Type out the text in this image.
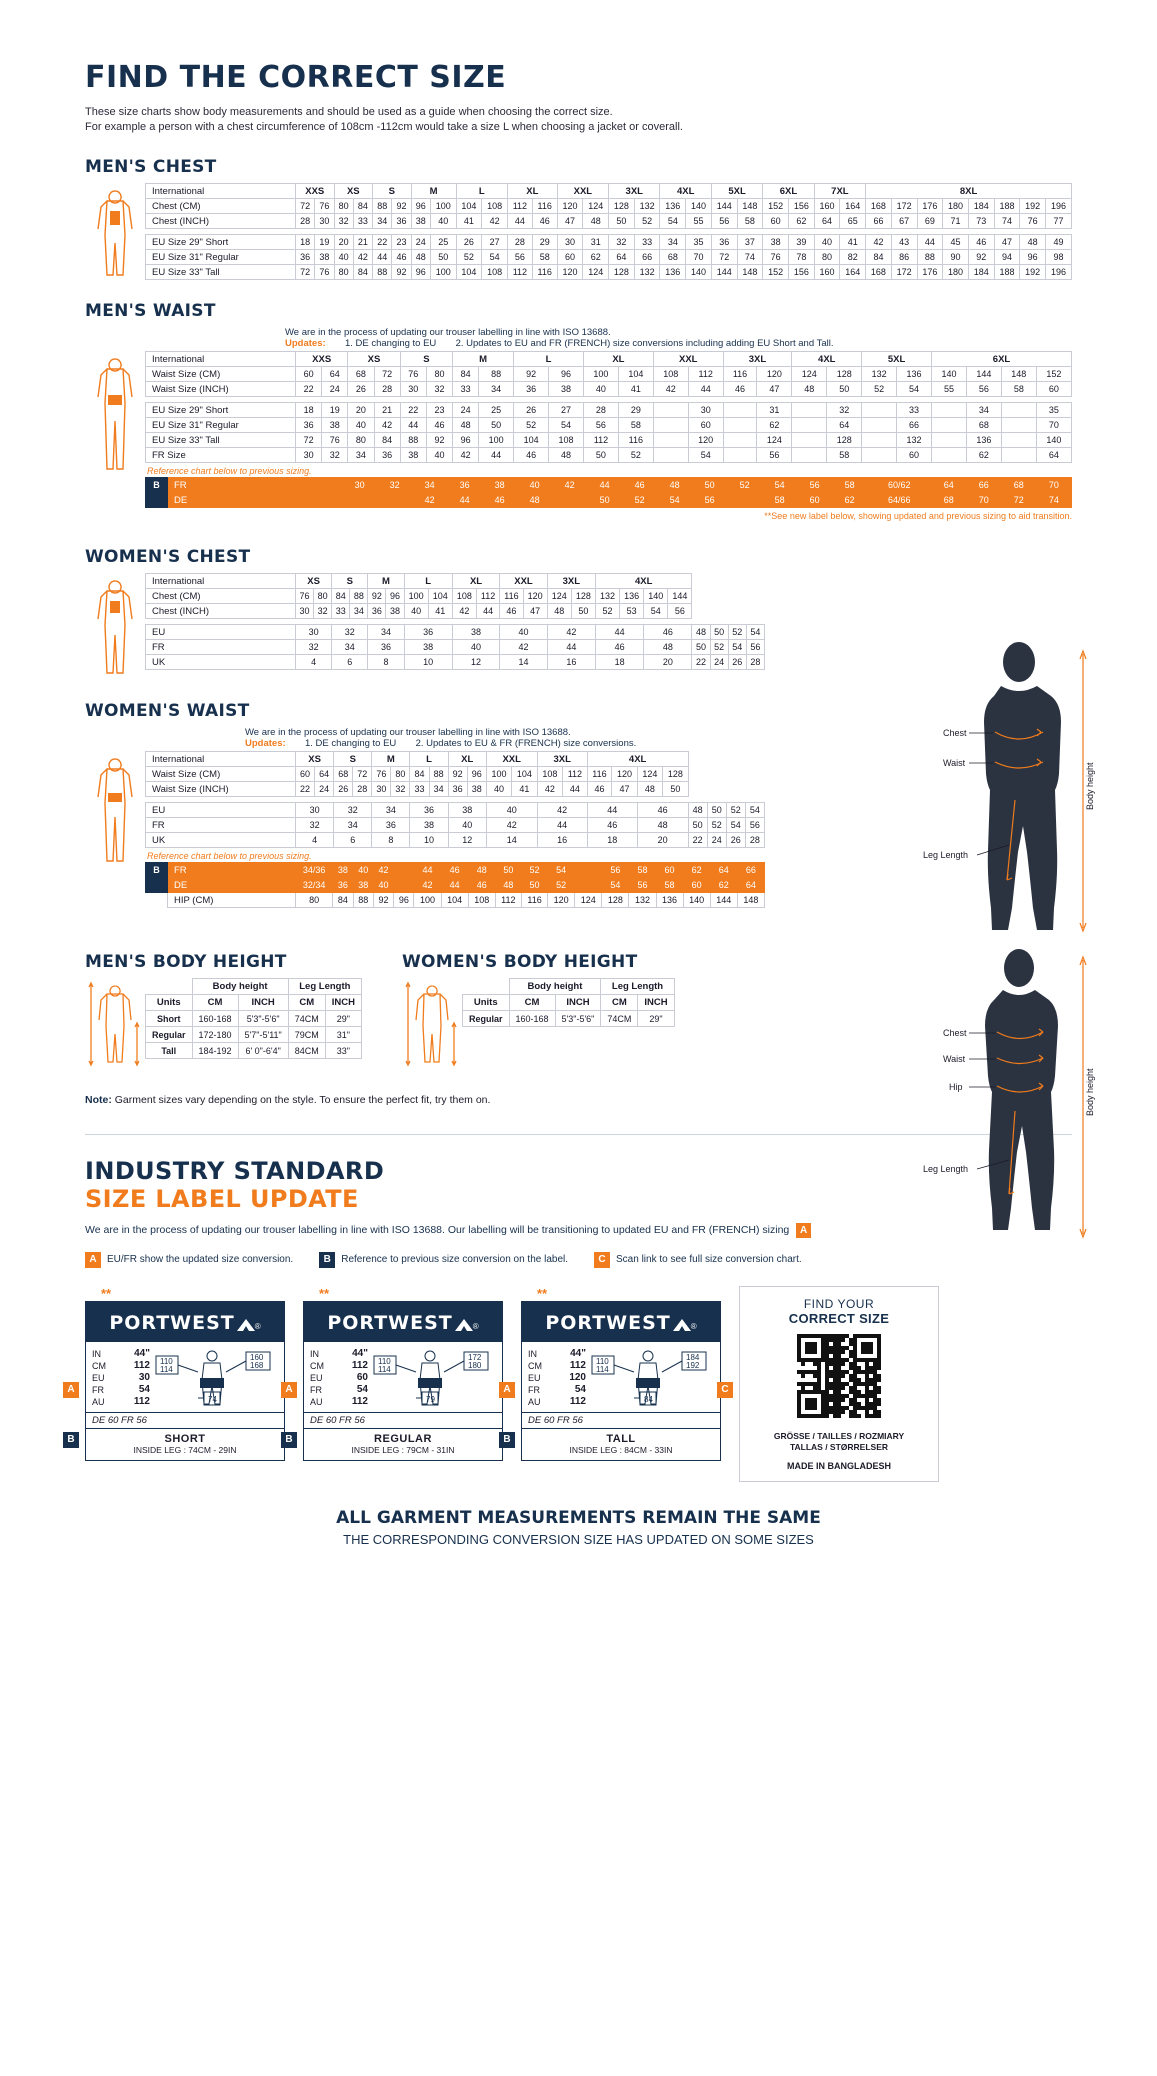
FIND THE CORRECT SIZE
These size charts show body measurements and should be used as a guide when choosing the correct size.
For example a person with a chest circumference of 108cm -112cm would take a size L when choosing a jacket or coverall.
MEN'S CHEST
International	XXS		XS		S		M		L		XL		XXL		3XL		4XL		5XL		6XL		7XL		8XL							
Chest (CM)	72	76	80	84	88	92	96	100	104	108	112	116	120	124	128	132	136	140	144	148	152	156	160	164	168	172	176	180	184	188	192	196
Chest (INCH)	28	30	32	33	34	36	38	40	41	42	44	46	47	48	50	52	54	55	56	58	60	62	64	65	66	67	69	71	73	74	76	77

EU Size 29" Short	18	19	20	21	22	23	24	25	26	27	28	29	30	31	32	33	34	35	36	37	38	39	40	41	42	43	44	45	46	47	48	49
EU Size 31" Regular	36	38	40	42	44	46	48	50	52	54	56	58	60	62	64	66	68	70	72	74	76	78	80	82	84	86	88	90	92	94	96	98
EU Size 33" Tall	72	76	80	84	88	92	96	100	104	108	112	116	120	124	128	132	136	140	144	148	152	156	160	164	168	172	176	180	184	188	192	196
MEN'S WAIST
We are in the process of updating our trouser labelling in line with ISO 13688.
Updates: 1. DE changing to EU 2. Updates to EU and FR (FRENCH) size conversions including adding EU Short and Tall.
International	XXS		XS		S		M		L		XL		XXL		3XL		4XL		5XL		6XL			
Waist Size (CM)	60	64	68	72	76	80	84	88	92	96	100	104	108	112	116	120	124	128	132	136	140	144	148	152
Waist Size (INCH)	22	24	26	28	30	32	33	34	36	38	40	41	42	44	46	47	48	50	52	54	55	56	58	60

EU Size 29" Short	18	19	20	21	22	23	24	25	26	27	28	29		30		31		32		33		34		35
EU Size 31" Regular	36	38	40	42	44	46	48	50	52	54	56	58		60		62		64		66		68		70
EU Size 33" Tall	72	76	80	84	88	92	96	100	104	108	112	116		120		124		128		132		136		140
FR Size	30	32	34	36	38	40	42	44	46	48	50	52		54		56		58		60		62		64
Reference chart below to previous sizing.
B	FR					30	32	34	36	38	40	42	44	46	48	50	52	54	56	58	60/62	64	66	68	70
	DE							42	44	46	48		50	52	54	56		58	60	62	64/66	68	70	72	74
**See new label below, showing updated and previous sizing to aid transition.
WOMEN'S CHEST
International	XS		S		M		L		XL		XXL		3XL		4XL							
Chest (CM)	76	80	84	88	92	96	100	104	108	112	116	120	124	128	132	136	140	144				
Chest (INCH)	30	32	33	34	36	38	40	41	42	44	46	47	48	50	52	53	54	56				

EU	30		32		34		36		38		40		42		44		46		48	50	52	54
FR	32		34		36		38		40		42		44		46		48		50	52	54	56
UK	4		6		8		10		12		14		16		18		20		22	24	26	28
WOMEN'S WAIST
We are in the process of updating our trouser labelling in line with ISO 13688.
Updates: 1. DE changing to EU 2. Updates to EU & FR (FRENCH) size conversions.
International	XS		S		M		L		XL		XXL		3XL		4XL							
Waist Size (CM)	60	64	68	72	76	80	84	88	92	96	100	104	108	112	116	120	124	128				
Waist Size (INCH)	22	24	26	28	30	32	33	34	36	38	40	41	42	44	46	47	48	50				

EU	30		32		34		36		38		40		42		44		46		48	50	52	54
FR	32		34		36		38		40		42		44		46		48		50	52	54	56
UK	4		6		8		10		12		14		16		18		20		22	24	26	28
Reference chart below to previous sizing.
B	FR	34/36	38	40	42		44	46	48	50	52	54		56	58	60	62	64	66
	DE	32/34	36	38	40		42	44	46	48	50	52		54	56	58	60	62	64
	HIP (CM)	80	84	88	92	96	100	104	108	112	116	120	124	128	132	136	140	144	148
MEN'S BODY HEIGHT
	Body height		Leg Length	
Units	CM	INCH	CM	INCH
Short	160-168	5'3"-5'6"	74CM	29"
Regular	172-180	5'7"-5'11"	79CM	31"
Tall	184-192	6' 0"-6'4"	84CM	33"
WOMEN'S BODY HEIGHT
	Body height		Leg Length	
Units	CM	INCH	CM	INCH
Regular	160-168	5'3"-5'6"	74CM	29"
Note: Garment sizes vary depending on the style. To ensure the perfect fit, try them on.
Chest
Waist
Leg Length
Body height
Chest
Waist
Hip
Leg Length
Body height
INDUSTRY STANDARD
SIZE LABEL UPDATE
We are in the process of updating our trouser labelling in line with ISO 13688. Our labelling will be transitioning to updated EU and FR (FRENCH) sizing A
A EU/FR show the updated size conversion.	B Reference to previous size conversion on the label.	C Scan link to see full size conversion chart.
**
PORTWEST	®
IN	44"
CM	112
EU	30
FR	54
AU	112
110
114
160
168
74
DE 60 FR 56
SHORT
INSIDE LEG : 74CM - 29IN
A
B
**
PORTWEST	®
IN	44"
CM	112
EU	60
FR	54
AU	112
110
114
172
180
79
DE 60 FR 56
REGULAR
INSIDE LEG : 79CM - 31IN
A
B
**
PORTWEST	®
IN	44"
CM	112
EU	120
FR	54
AU	112
110
114
184
192
84
DE 60 FR 56
TALL
INSIDE LEG : 84CM - 33IN
A
B
FIND YOUR
CORRECT SIZE
GRÖSSE / TAILLES / ROZMIARY
TALLAS / STØRRELSER
MADE IN BANGLADESH
C
ALL GARMENT MEASUREMENTS REMAIN THE SAME
THE CORRESPONDING CONVERSION SIZE HAS UPDATED ON SOME SIZES
